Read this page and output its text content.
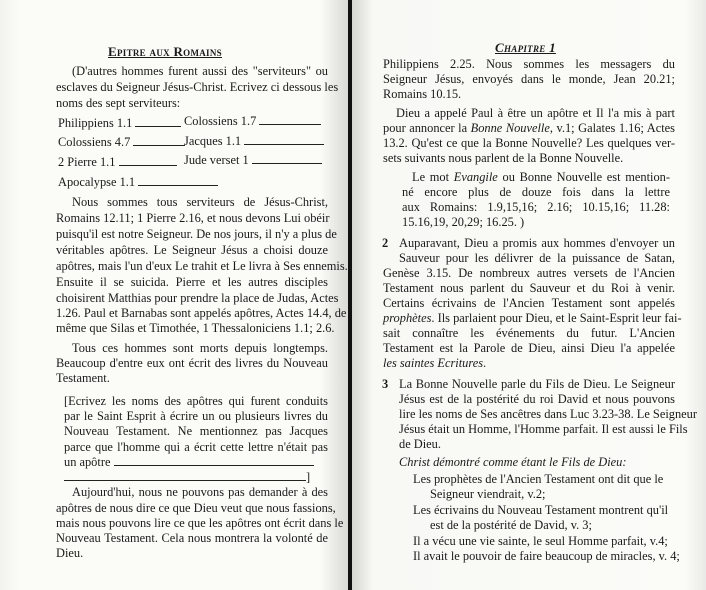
Epitre aux Romains
(D'autres hommes furent aussi des "serviteurs" ou
esclaves du Seigneur Jésus-Christ. Ecrivez ci dessous les
noms des sept serviteurs:
Philippiens 1.1	Colossiens 1.7
Colossiens 4.7	Jacques 1.1
2 Pierre 1.1	Jude verset 1
Apocalypse 1.1
Nous sommes tous serviteurs de Jésus-Christ,
Romains 12.11; 1 Pierre 2.16, et nous devons Lui obéir
puisqu'il est notre Seigneur. De nos jours, il n'y a plus de
véritables apôtres. Le Seigneur Jésus a choisi douze
apôtres, mais l'un d'eux Le trahit et Le livra à Ses ennemis.
Ensuite il se suicida. Pierre et les autres disciples
choisirent Matthias pour prendre la place de Judas, Actes
1.26. Paul et Barnabas sont appelés apôtres, Actes 14.4, de
même que Silas et Timothée, 1 Thessaloniciens 1.1; 2.6.
Tous ces hommes sont morts depuis longtemps.
Beaucoup d'entre eux ont écrit des livres du Nouveau
Testament.
[Ecrivez les noms des apôtres qui furent conduits
par le Saint Esprit à écrire un ou plusieurs livres du
Nouveau Testament. Ne mentionnez pas Jacques
parce que l'homme qui a écrit cette lettre n'était pas
un apôtre
]
Aujourd'hui, nous ne pouvons pas demander à des
apôtres de nous dire ce que Dieu veut que nous fassions,
mais nous pouvons lire ce que les apôtres ont écrit dans le
Nouveau Testament. Cela nous montrera la volonté de
Dieu.
Chapitre 1
Philippiens 2.25. Nous sommes les messagers du
Seigneur Jésus, envoyés dans le monde, Jean 20.21;
Romains 10.15.
Dieu a appelé Paul à être un apôtre et Il l'a mis à part
pour annoncer la Bonne Nouvelle, v.1; Galates 1.16; Actes
13.2. Qu'est ce que la Bonne Nouvelle? Les quelques ver-
sets suivants nous parlent de la Bonne Nouvelle.
Le mot Evangile ou Bonne Nouvelle est mention-
né encore plus de douze fois dans la lettre
aux Romains: 1.9,15,16; 2.16; 10.15,16; 11.28:
15.16,19, 20,29; 16.25. )
2 Auparavant, Dieu a promis aux hommes d'envoyer un
Sauveur pour les délivrer de la puissance de Satan,
Genèse 3.15. De nombreux autres versets de l'Ancien
Testament nous parlent du Sauveur et du Roi à venir.
Certains écrivains de l'Ancien Testament sont appelés
prophètes. Ils parlaient pour Dieu, et le Saint-Esprit leur fai-
sait connaître les événements du futur. L'Ancien
Testament est la Parole de Dieu, ainsi Dieu l'a appelée
les saintes Ecritures.
3 La Bonne Nouvelle parle du Fils de Dieu. Le Seigneur
Jésus est de la postérité du roi David et nous pouvons
lire les noms de Ses ancêtres dans Luc 3.23-38. Le Seigneur
Jésus était un Homme, l'Homme parfait. Il est aussi le Fils
de Dieu.
Christ démontré comme étant le Fils de Dieu:
Les prophètes de l'Ancien Testament ont dit que le
Seigneur viendrait, v.2;
Les écrivains du Nouveau Testament montrent qu'il
est de la postérité de David, v. 3;
Il a vécu une vie sainte, le seul Homme parfait, v.4;
Il avait le pouvoir de faire beaucoup de miracles, v. 4;
